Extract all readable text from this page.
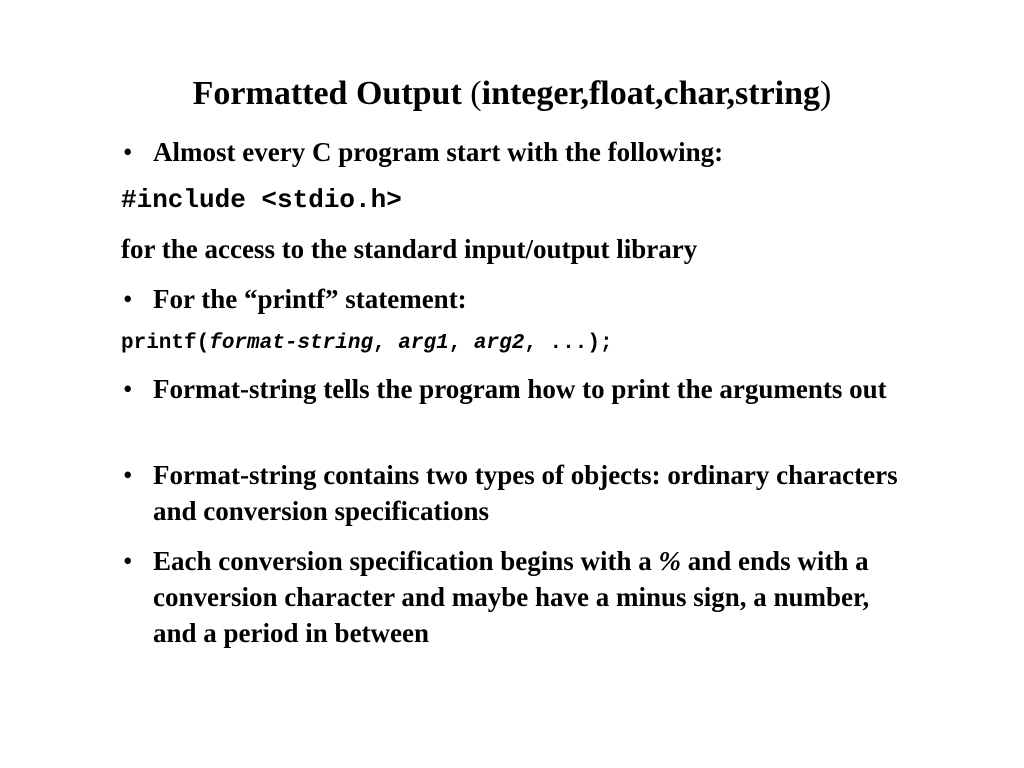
Formatted Output (integer,float,char,string)
• Almost every C program start with the following:
#include <stdio.h>
for the access to the standard input/output library
• For the “printf” statement:
printf(format-string, arg1, arg2, ...);
• Format-string tells the program how to print the arguments out
• Format-string contains two types of objects: ordinary characters and conversion specifications
• Each conversion specification begins with a % and ends with a conversion character and maybe have a minus sign, a number, and a period in between
